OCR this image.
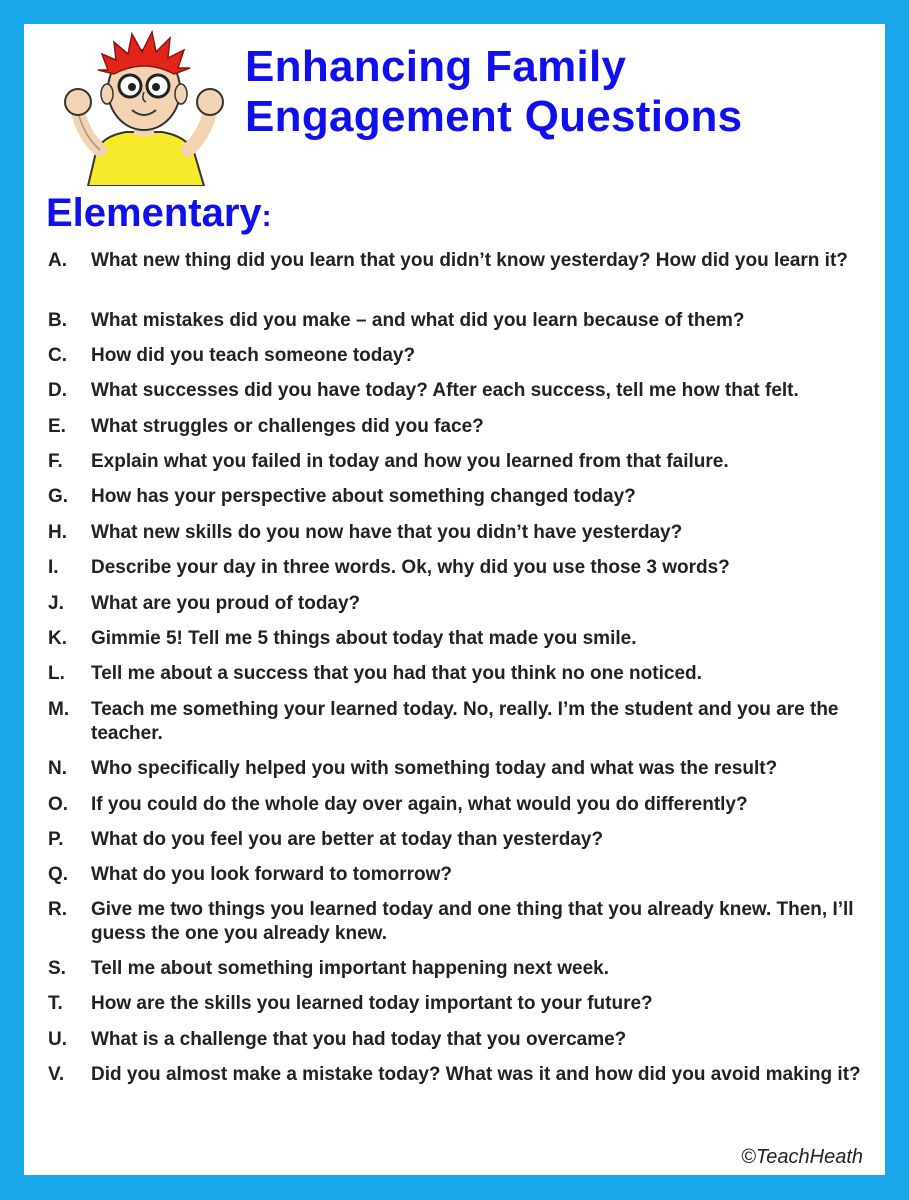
Enhancing Family
Engagement Questions
Elementary:
A.	What new thing did you learn that you didn’t know yesterday? How did you learn it?
B.	What mistakes did you make – and what did you learn because of them?
C.	How did you teach someone today?
D.	What successes did you have today? After each success, tell me how that felt.
E.	What struggles or challenges did you face?
F.	Explain what you failed in today and how you learned from that failure.
G.	How has your perspective about something changed today?
H.	What new skills do you now have that you didn’t have yesterday?
I.	Describe your day in three words. Ok, why did you use those 3 words?
J.	What are you proud of today?
K.	Gimmie 5! Tell me 5 things about today that made you smile.
L.	Tell me about a success that you had that you think no one noticed.
M.	Teach me something your learned today. No, really. I’m the student and you are the teacher.
N.	Who specifically helped you with something today and what was the result?
O.	If you could do the whole day over again, what would you do differently?
P.	What do you feel you are better at today than yesterday?
Q.	What do you look forward to tomorrow?
R.	Give me two things you learned today and one thing that you already knew. Then, I’ll guess the one you already knew.
S.	Tell me about something important happening next week.
T.	How are the skills you learned today important to your future?
U.	What is a challenge that you had today that you overcame?
V.	Did you almost make a mistake today? What was it and how did you avoid making it?
©TeachHeath
